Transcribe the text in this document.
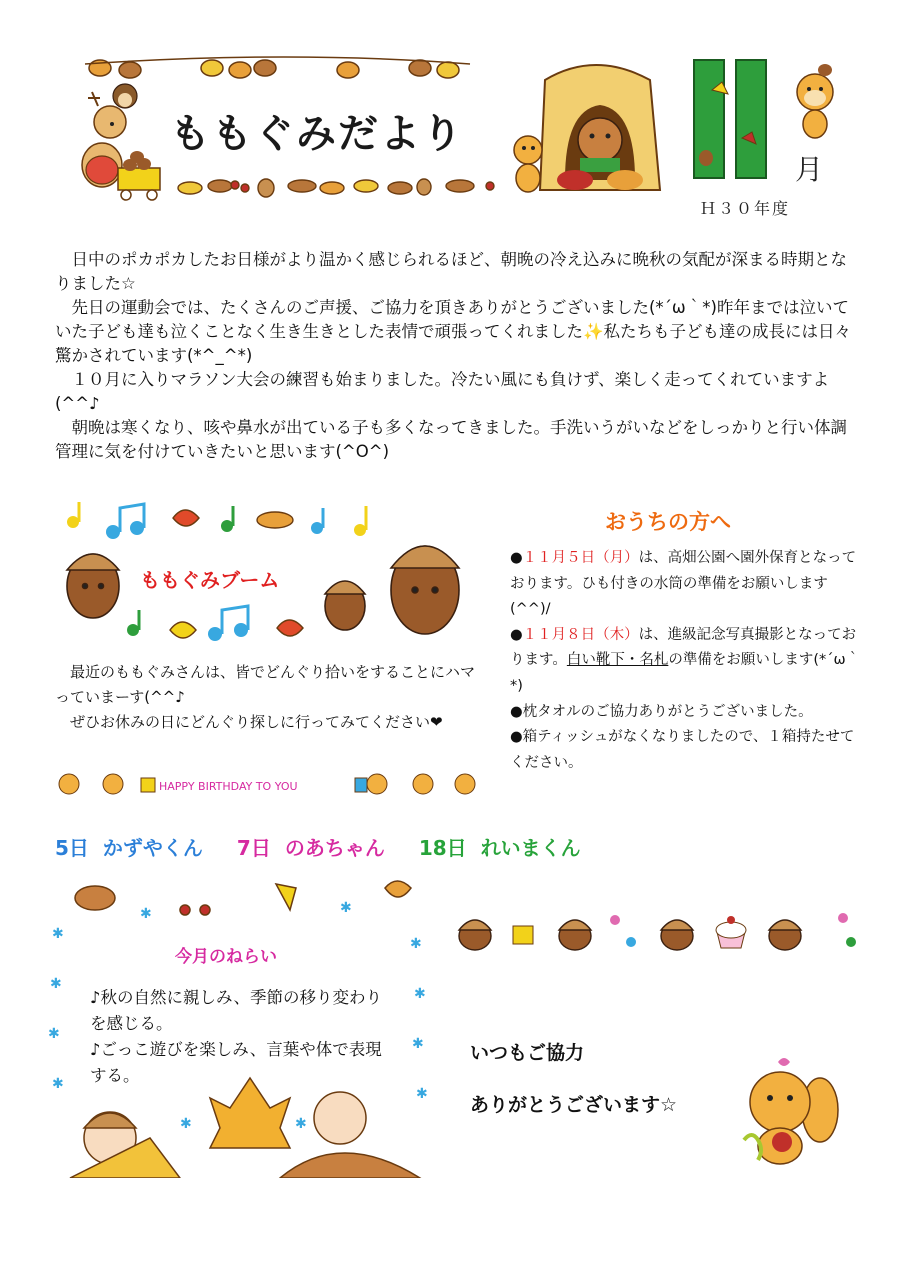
ももぐみだより
月
Ｈ３０年度

日中のポカポカしたお日様がより温かく感じられるほど、朝晩の冷え込みに晩秋の気配が深まる時期となりました☆

先日の運動会では、たくさんのご声援、ご協力を頂きありがとうございました(*´ω｀*)昨年までは泣いていた子ども達も泣くことなく生き生きとした表情で頑張ってくれました✨私たちも子ども達の成長には日々驚かされています(*^_^*)

１０月に入りマラソン大会の練習も始まりました。冷たい風にも負けず、楽しく走ってくれていますよ(^^♪

朝晩は寒くなり、咳や鼻水が出ている子も多くなってきました。手洗いうがいなどをしっかりと行い体調管理に気を付けていきたいと思います(^O^)

ももぐみブーム

最近のももぐみさんは、皆でどんぐり拾いをすることにハマっていまーす(^^♪

ぜひお休みの日にどんぐり探しに行ってみてください❤

おうちの方へ

●１１月５日（月）は、高畑公園へ園外保育となっております。ひも付きの水筒の準備をお願いします(^^)/

●１１月８日（木）は、進級記念写真撮影となっております。白い靴下・名札の準備をお願いします(*´ω｀*)

●枕タオルのご協力ありがとうございました。

●箱ティッシュがなくなりましたので、１箱持たせてください。

HAPPY BIRTHDAY TO YOU
5日 かずやくん 7日 のあちゃん 18日 れいまくん
✱
✱
✱
✱
✱
✱
✱
✱
✱	✱
✱	✱
今月のねらい

♪秋の自然に親しみ、季節の移り変わりを感じる。

♪ごっこ遊びを楽しみ、言葉や体で表現する。

いつもご協力
ありがとうございます☆
